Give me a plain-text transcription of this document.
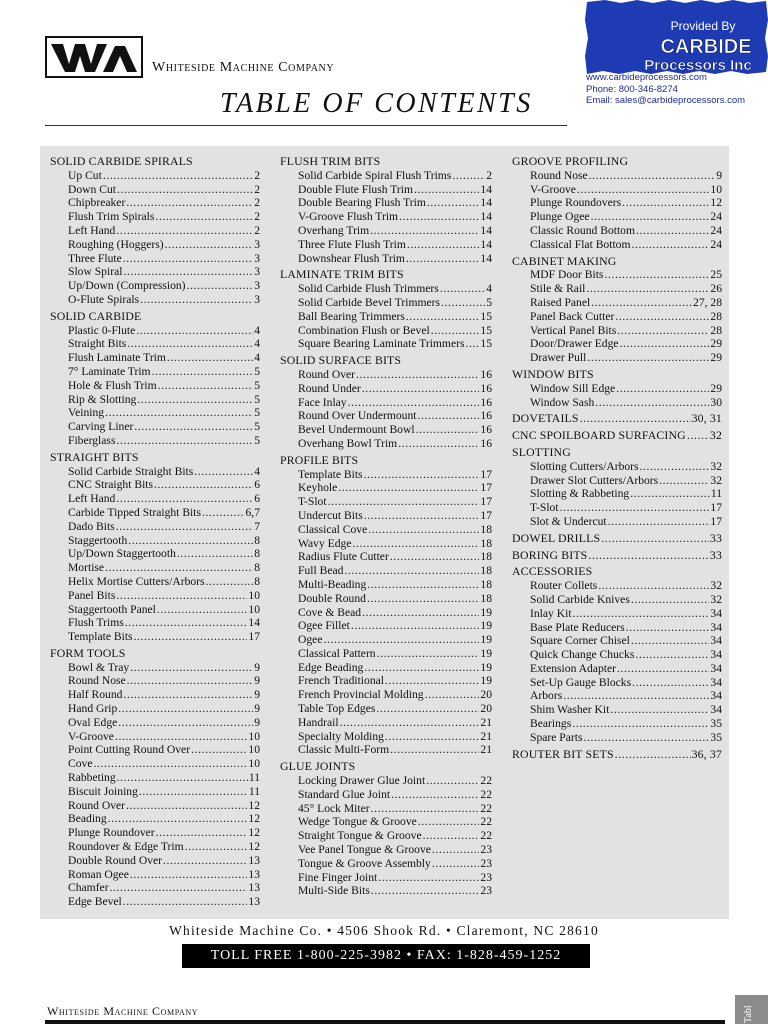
Whiteside Machine Company
TABLE OF CONTENTS
Provided By
CARBIDE
Processors Inc
www.carbideprocessors.com
Phone: 800-346-8274
Email: sales@carbideprocessors.com
SOLID CARBIDE SPIRALS
Up Cut .....	2
Down Cut .....	2
Chipbreaker .....	2
Flush Trim Spirals .....	2
Left Hand .....	2
Roughing (Hoggers) .....	3
Three Flute .....	3
Slow Spiral .....	3
Up/Down (Compression) .....	3
O-Flute Spirals .....	3
SOLID CARBIDE
Plastic 0-Flute .....	4
Straight Bits .....	4
Flush Laminate Trim .....	4
7° Laminate Trim .....	5
Hole & Flush Trim .....	5
Rip & Slotting .....	5
Veining .....	5
Carving Liner .....	5
Fiberglass .....	5
STRAIGHT BITS
Solid Carbide Straight Bits .....	4
CNC Straight Bits .....	6
Left Hand .....	6
Carbide Tipped Straight Bits .....	6,7
Dado Bits .....	7
Staggertooth .....	8
Up/Down Staggertooth .....	8
Mortise .....	8
Helix Mortise Cutters/Arbors .....	8
Panel Bits .....	10
Staggertooth Panel .....	10
Flush Trims .....	14
Template Bits .....	17
FORM TOOLS
Bowl & Tray .....	9
Round Nose .....	9
Half Round .....	9
Hand Grip .....	9
Oval Edge .....	9
V-Groove .....	10
Point Cutting Round Over .....	10
Cove .....	10
Rabbeting .....	11
Biscuit Joining .....	11
Round Over .....	12
Beading .....	12
Plunge Roundover .....	12
Roundover & Edge Trim .....	12
Double Round Over .....	13
Roman Ogee .....	13
Chamfer .....	13
Edge Bevel .....	13
FLUSH TRIM BITS
Solid Carbide Spiral Flush Trims .....	2
Double Flute Flush Trim .....	14
Double Bearing Flush Trim .....	14
V-Groove Flush Trim .....	14
Overhang Trim .....	14
Three Flute Flush Trim .....	14
Downshear Flush Trim .....	14
LAMINATE TRIM BITS
Solid Carbide Flush Trimmers .....	4
Solid Carbide Bevel Trimmers .....	5
Ball Bearing Trimmers .....	15
Combination Flush or Bevel .....	15
Square Bearing Laminate Trimmers ..... 15
SOLID SURFACE BITS
Round Over .....	16
Round Under .....	16
Face Inlay .....	16
Round Over Undermount .....	16
Bevel Undermount Bowl .....	16
Overhang Bowl Trim .....	16
PROFILE BITS
Template Bits .....	17
Keyhole .....	17
T-Slot .....	17
Undercut Bits .....	17
Classical Cove .....	18
Wavy Edge .....	18
Radius Flute Cutter .....	18
Full Bead .....	18
Multi-Beading .....	18
Double Round .....	18
Cove & Bead .....	19
Ogee Fillet .....	19
Ogee .....	19
Classical Pattern .....	19
Edge Beading .....	19
French Traditional .....	19
French Provincial Molding .....	20
Table Top Edges .....	20
Handrail .....	21
Specialty Molding .....	21
Classic Multi-Form .....	21
GLUE JOINTS
Locking Drawer Glue Joint .....	22
Standard Glue Joint .....	22
45° Lock Miter .....	22
Wedge Tongue & Groove .....	22
Straight Tongue & Groove .....	22
Vee Panel Tongue & Groove .....	23
Tongue & Groove Assembly .....	23
Fine Finger Joint .....	23
Multi-Side Bits .....	23
GROOVE PROFILING
Round Nose .....	9
V-Groove .....	10
Plunge Roundovers .....	12
Plunge Ogee .....	24
Classic Round Bottom .....	24
Classical Flat Bottom .....	24
CABINET MAKING
MDF Door Bits .....	25
Stile & Rail .....	26
Raised Panel .....	27, 28
Panel Back Cutter .....	28
Vertical Panel Bits .....	28
Door/Drawer Edge .....	29
Drawer Pull .....	29
WINDOW BITS
Window Sill Edge .....	29
Window Sash .....	30
DOVETAILS .....	30, 31
CNC SPOILBOARD SURFACING ..... 32
SLOTTING
Slotting Cutters/Arbors .....	32
Drawer Slot Cutters/Arbors .....	32
Slotting & Rabbeting .....	11
T-Slot .....	17
Slot & Undercut .....	17
DOWEL DRILLS .....	33
BORING BITS .....	33
ACCESSORIES
Router Collets .....	32
Solid Carbide Knives .....	32
Inlay Kit .....	34
Base Plate Reducers .....	34
Square Corner Chisel .....	34
Quick Change Chucks .....	34
Extension Adapter .....	34
Set-Up Gauge Blocks .....	34
Arbors .....	34
Shim Washer Kit .....	34
Bearings .....	35
Spare Parts .....	35
ROUTER BIT SETS .....	36, 37
Whiteside Machine Co. • 4506 Shook Rd. • Claremont, NC 28610
TOLL FREE 1-800-225-3982 • FAX: 1-828-459-1252
Whiteside Machine Company	Tabl
